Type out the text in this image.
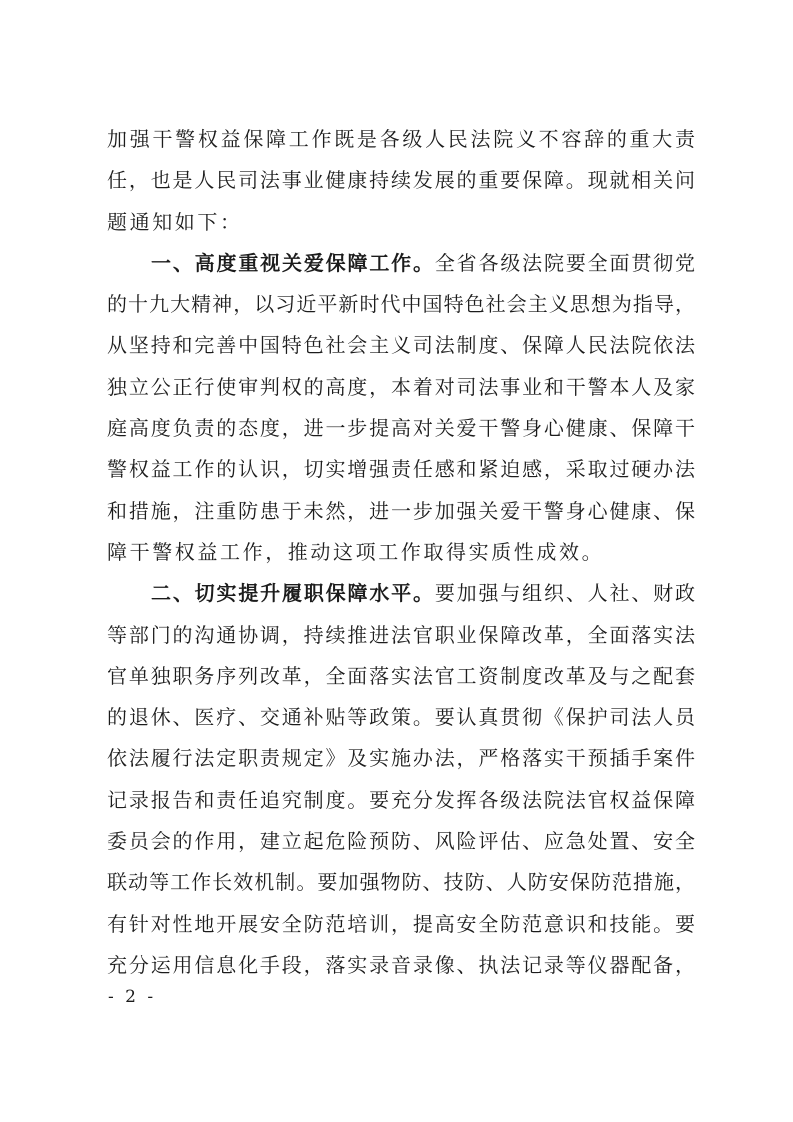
加强干警权益保障工作既是各级人民法院义不容辞的重大责
任，也是人民司法事业健康持续发展的重要保障。现就相关问
题通知如下：
一、高度重视关爱保障工作。全省各级法院要全面贯彻党
的十九大精神，以习近平新时代中国特色社会主义思想为指导，
从坚持和完善中国特色社会主义司法制度、保障人民法院依法
独立公正行使审判权的高度，本着对司法事业和干警本人及家
庭高度负责的态度，进一步提高对关爱干警身心健康、保障干
警权益工作的认识，切实增强责任感和紧迫感，采取过硬办法
和措施，注重防患于未然，进一步加强关爱干警身心健康、保
障干警权益工作，推动这项工作取得实质性成效。
二、切实提升履职保障水平。要加强与组织、人社、财政
等部门的沟通协调，持续推进法官职业保障改革，全面落实法
官单独职务序列改革，全面落实法官工资制度改革及与之配套
的退休、医疗、交通补贴等政策。要认真贯彻《保护司法人员
依法履行法定职责规定》及实施办法，严格落实干预插手案件
记录报告和责任追究制度。要充分发挥各级法院法官权益保障
委员会的作用，建立起危险预防、风险评估、应急处置、安全
联动等工作长效机制。要加强物防、技防、人防安保防范措施，
有针对性地开展安全防范培训，提高安全防范意识和技能。要
充分运用信息化手段，落实录音录像、执法记录等仪器配备，
- 2 -
